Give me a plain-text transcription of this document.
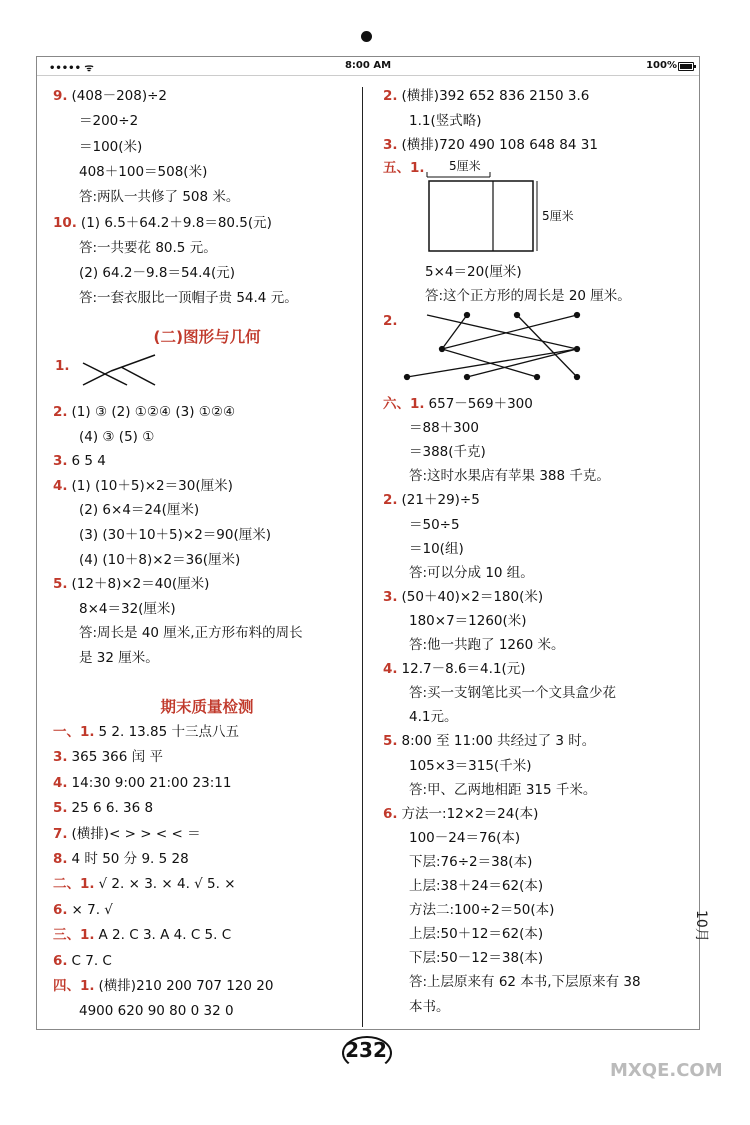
••••• ᯤ	8:00 AM	100%
9. (408－208)÷2
＝200÷2
＝100(米)
408＋100＝508(米)
答:两队一共修了 508 米。
10. (1) 6.5＋64.2＋9.8＝80.5(元)
答:一共要花 80.5 元。
(2) 64.2－9.8＝54.4(元)
答:一套衣服比一顶帽子贵 54.4 元。
(二)图形与几何
1.
2. (1) ③ (2) ①②④ (3) ①②④
(4) ③ (5) ①
3. 6 5 4
4. (1) (10＋5)×2＝30(厘米)
(2) 6×4＝24(厘米)
(3) (30＋10＋5)×2＝90(厘米)
(4) (10＋8)×2＝36(厘米)
5. (12＋8)×2＝40(厘米)
8×4＝32(厘米)
答:周长是 40 厘米,正方形布料的周长
是 32 厘米。
期末质量检测
一、1. 5 2. 13.85 十三点八五
3. 365 366 闰 平
4. 14:30 9:00 21:00 23:11
5. 25 6 6. 36 8
7. (横排)< > > < < ＝
8. 4 时 50 分 9. 5 28
二、1. √ 2. × 3. × 4. √ 5. ×
6. × 7. √
三、1. A 2. C 3. A 4. C 5. C
6. C 7. C
四、1. (横排)210 200 707 120 20
4900 620 90 80 0 32 0
2. (横排)392 652 836 2150 3.6
1.1(竖式略)
3. (横排)720 490 108 648 84 31
五、1.	5厘米
5厘米
5×4＝20(厘米)
答:这个正方形的周长是 20 厘米。
2.
六、1. 657－569＋300
＝88＋300
＝388(千克)
答:这时水果店有苹果 388 千克。
2. (21＋29)÷5
＝50÷5
＝10(组)
答:可以分成 10 组。
3. (50＋40)×2＝180(米)
180×7＝1260(米)
答:他一共跑了 1260 米。
4. 12.7－8.6＝4.1(元)
答:买一支钢笔比买一个文具盒少花
4.1元。
5. 8:00 至 11:00 共经过了 3 时。
105×3＝315(千米)
答:甲、乙两地相距 315 千米。
6. 方法一:12×2＝24(本)
100－24＝76(本)
下层:76÷2＝38(本)
上层:38＋24＝62(本)
方法二:100÷2＝50(本)
上层:50＋12＝62(本)
下层:50－12＝38(本)
答:上层原来有 62 本书,下层原来有 38
本书。
10月
232
MXQE.COM
